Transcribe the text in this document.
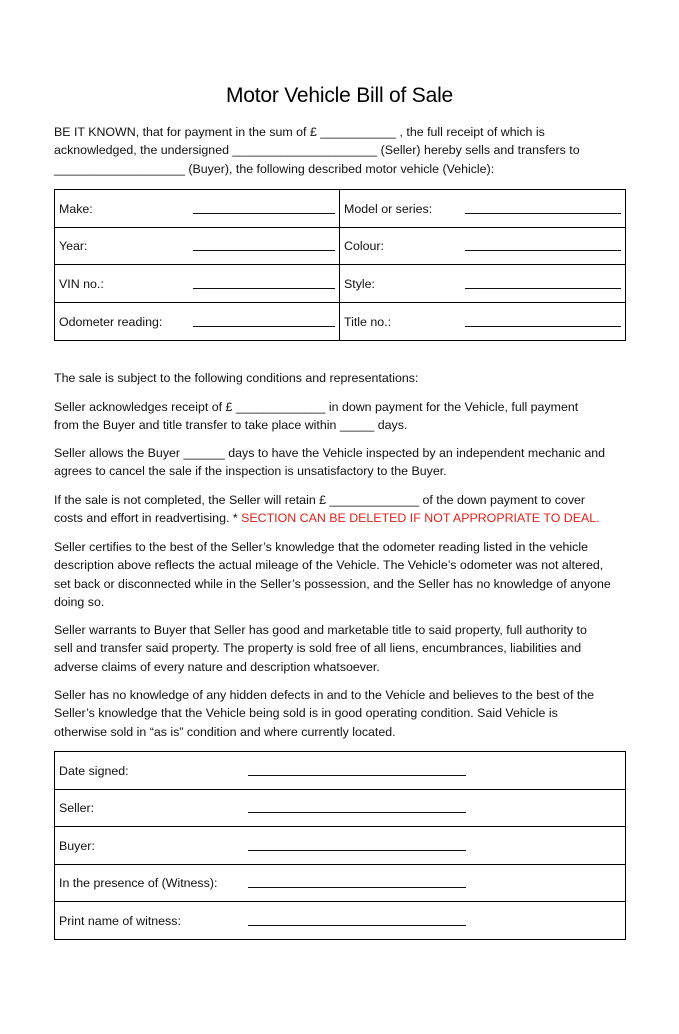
Motor Vehicle Bill of Sale
BE IT KNOWN, that for payment in the sum of £ ___________ , the full receipt of which is
acknowledged, the undersigned _____________________ (Seller) hereby sells and transfers to
___________________ (Buyer), the following described motor vehicle (Vehicle):
Make:	Model or series:

Year:	Colour:

VIN no.:	Style:

Odometer reading:	Title no.:
The sale is subject to the following conditions and representations:
Seller acknowledges receipt of £ _____________ in down payment for the Vehicle, full payment
from the Buyer and title transfer to take place within _____ days.
Seller allows the Buyer ______ days to have the Vehicle inspected by an independent mechanic and
agrees to cancel the sale if the inspection is unsatisfactory to the Buyer.
If the sale is not completed, the Seller will retain £ _____________ of the down payment to cover
costs and effort in readvertising. * SECTION CAN BE DELETED IF NOT APPROPRIATE TO DEAL.
Seller certifies to the best of the Seller’s knowledge that the odometer reading listed in the vehicle
description above reflects the actual mileage of the Vehicle. The Vehicle’s odometer was not altered,
set back or disconnected while in the Seller’s possession, and the Seller has no knowledge of anyone
doing so.
Seller warrants to Buyer that Seller has good and marketable title to said property, full authority to
sell and transfer said property. The property is sold free of all liens, encumbrances, liabilities and
adverse claims of every nature and description whatsoever.
Seller has no knowledge of any hidden defects in and to the Vehicle and believes to the best of the
Seller’s knowledge that the Vehicle being sold is in good operating condition. Said Vehicle is
otherwise sold in “as is” condition and where currently located.
Date signed:

Seller:

Buyer:

In the presence of (Witness):

Print name of witness:
